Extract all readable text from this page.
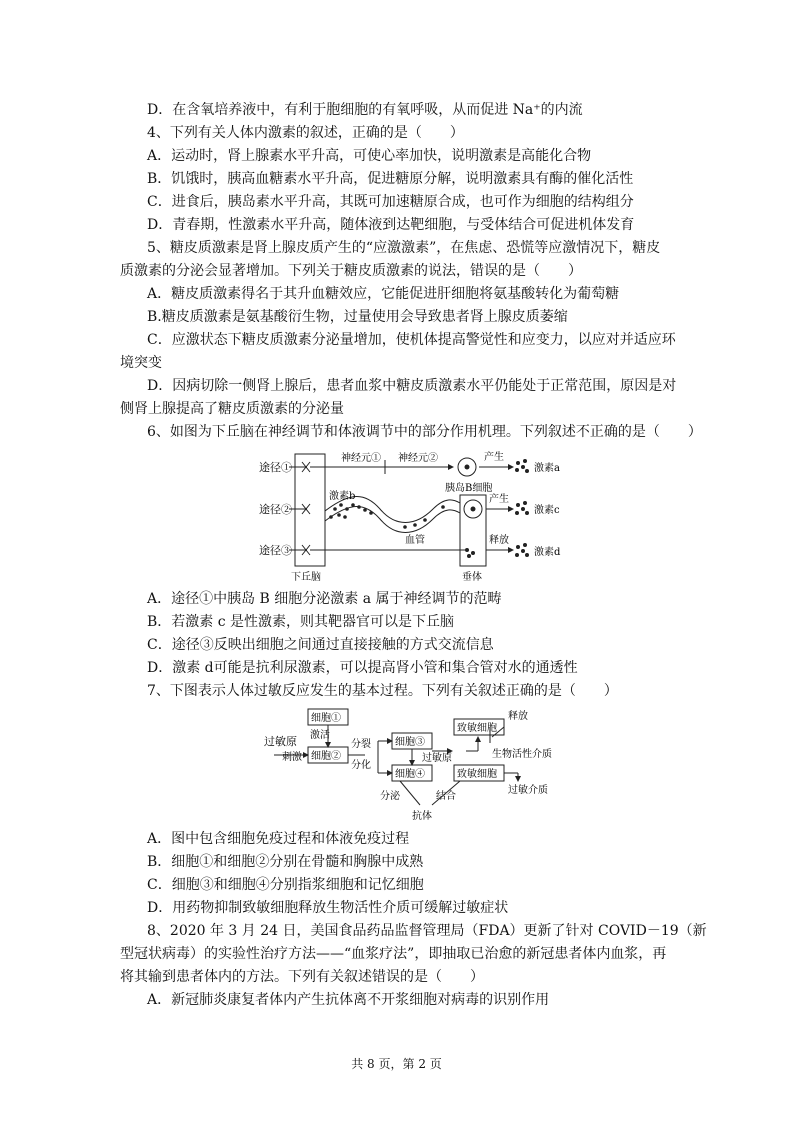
D．在含氧培养液中，有利于胞细胞的有氧呼吸，从而促进 Na⁺的内流
4、下列有关人体内激素的叙述，正确的是（　　）
A．运动时，肾上腺素水平升高，可使心率加快，说明激素是高能化合物
B．饥饿时，胰高血糖素水平升高，促进糖原分解，说明激素具有酶的催化活性
C．进食后，胰岛素水平升高，其既可加速糖原合成，也可作为细胞的结构组分
D．青春期，性激素水平升高，随体液到达靶细胞，与受体结合可促进机体发育
5、糖皮质激素是肾上腺皮质产生的“应激激素”，在焦虑、恐慌等应激情况下，糖皮
质激素的分泌会显著增加。下列关于糖皮质激素的说法，错误的是（　　）
A．糖皮质激素得名于其升血糖效应，它能促进肝细胞将氨基酸转化为葡萄糖
B.糖皮质激素是氨基酸衍生物，过量使用会导致患者肾上腺皮质萎缩
C．应激状态下糖皮质激素分泌量增加，使机体提高警觉性和应变力，以应对并适应环
境突变
D．因病切除一侧肾上腺后，患者血浆中糖皮质激素水平仍能处于正常范围，原因是对
侧肾上腺提高了糖皮质激素的分泌量
6、如图为下丘脑在神经调节和体液调节中的部分作用机理。下列叙述不正确的是（　　）
途径①
途径②
途径③
神经元① 神经元②
胰岛B细胞
产生
激素a
激素b
血管
产生
激素c
释放
激素d
下丘脑	垂体
A．途径①中胰岛 B 细胞分泌激素 a 属于神经调节的范畴
B．若激素 c 是性激素，则其靶器官可以是下丘脑
C．途径③反映出细胞之间通过直接接触的方式交流信息
D．激素 d可能是抗利尿激素，可以提高肾小管和集合管对水的通透性
7、下图表示人体过敏反应发生的基本过程。下列有关叙述正确的是（　　）
过敏原
刺激
细胞①
激活
细胞②
分裂
分化
细胞③
细胞④
致敏细胞
致敏细胞
过敏原
释放
生物活性介质
分泌	结合
抗体
过敏介质
A．图中包含细胞免疫过程和体液免疫过程
B．细胞①和细胞②分别在骨髓和胸腺中成熟
C．细胞③和细胞④分别指浆细胞和记忆细胞
D．用药物抑制致敏细胞释放生物活性介质可缓解过敏症状
8、2020 年 3 月 24 日，美国食品药品监督管理局（FDA）更新了针对 COVID－19（新
型冠状病毒）的实验性治疗方法——“血浆疗法”，即抽取已治愈的新冠患者体内血浆，再
将其输到患者体内的方法。下列有关叙述错误的是（　　）
A．新冠肺炎康复者体内产生抗体离不开浆细胞对病毒的识别作用
共 8 页，第 2 页
